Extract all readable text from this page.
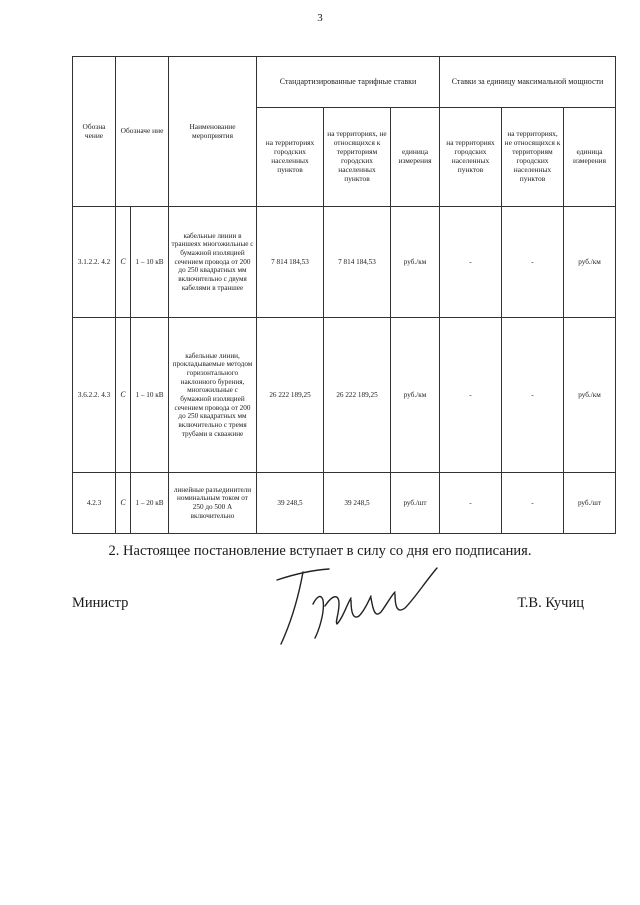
3
Обозна чение	Обозначе ние		Наименование мероприятия	Стандартизированные тарифные ставки			Ставки за единицу максимальной мощности		
				на территориях городских населенных пунктов	на территориях, не относящихся к территориям городских населенных пунктов	единица измерения	на территориях городских населенных пунктов	на территориях, не относящихся к территориям городских населенных пунктов	единица измерения
3.1.2.2. 4.2	C	1 – 10 кВ	кабельные линии в траншеях многожильные с бумажной изоляцией сечением провода от 200 до 250 квадратных мм включительно с двумя кабелями в траншее	7 814 184,53	7 814 184,53	руб./км	-	-	руб./км
3.6.2.2. 4.3	C	1 – 10 кВ	кабельные линии, прокладываемые методом горизонтального наклонного бурения, многожильные с бумажной изоляцией сечением провода от 200 до 250 квадратных мм включительно с тремя трубами в скважине	26 222 189,25	26 222 189,25	руб./км	-	-	руб./км
4.2.3	C	1 – 20 кВ	линейные разъединители номинальным током от 250 до 500 А включительно	39 248,5	39 248,5	руб./шт	-	-	руб./шт
2. Настоящее постановление вступает в силу со дня его подписания.
Министр	Т.В. Кучиц
